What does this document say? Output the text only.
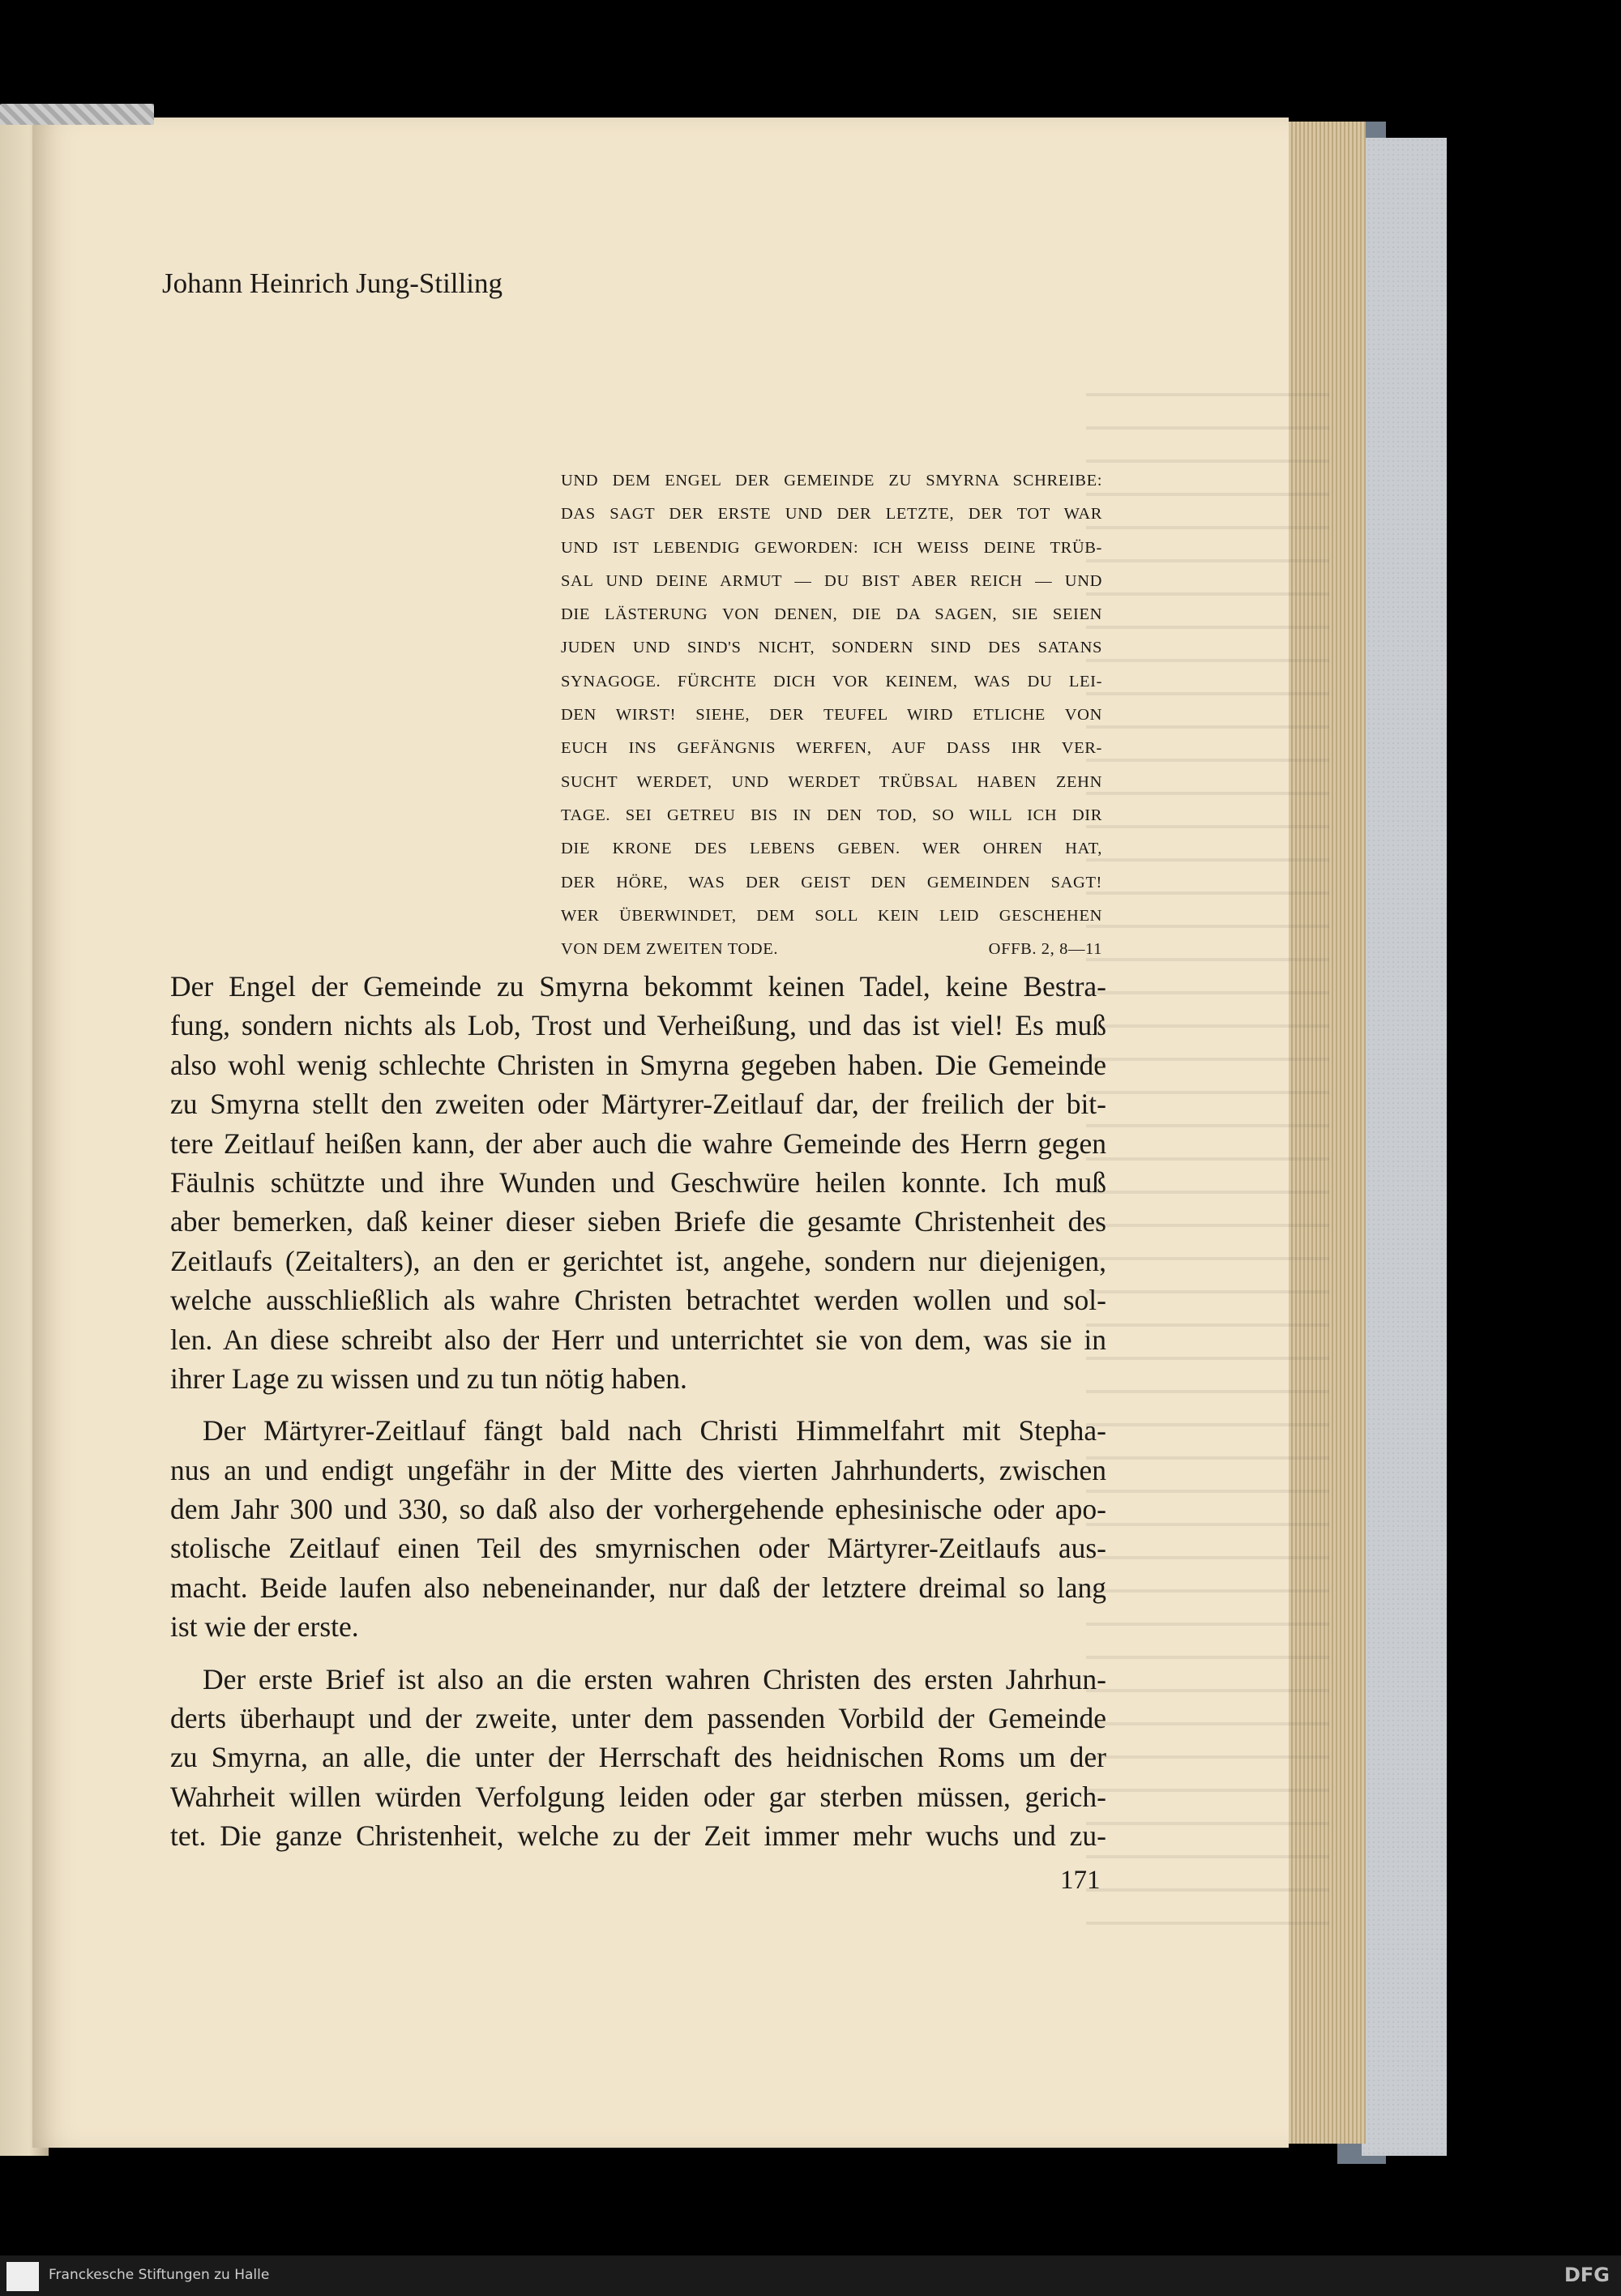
Johann Heinrich Jung-Stilling
UND DEM ENGEL DER GEMEINDE ZU SMYRNA SCHREIBE:
DAS SAGT DER ERSTE UND DER LETZTE, DER TOT WAR
UND IST LEBENDIG GEWORDEN: ICH WEISS DEINE TRÜB-
SAL UND DEINE ARMUT — DU BIST ABER REICH — UND
DIE LÄSTERUNG VON DENEN, DIE DA SAGEN, SIE SEIEN
JUDEN UND SIND'S NICHT, SONDERN SIND DES SATANS
SYNAGOGE. FÜRCHTE DICH VOR KEINEM, WAS DU LEI-
DEN WIRST! SIEHE, DER TEUFEL WIRD ETLICHE VON
EUCH INS GEFÄNGNIS WERFEN, AUF DASS IHR VER-
SUCHT WERDET, UND WERDET TRÜBSAL HABEN ZEHN
TAGE. SEI GETREU BIS IN DEN TOD, SO WILL ICH DIR
DIE KRONE DES LEBENS GEBEN. WER OHREN HAT,
DER HÖRE, WAS DER GEIST DEN GEMEINDEN SAGT!
WER ÜBERWINDET, DEM SOLL KEIN LEID GESCHEHEN
VON DEM ZWEITEN TODE.	OFFB. 2, 8—11
Der Engel der Gemeinde zu Smyrna bekommt keinen Tadel, keine Bestra-
fung, sondern nichts als Lob, Trost und Verheißung, und das ist viel! Es muß
also wohl wenig schlechte Christen in Smyrna gegeben haben. Die Gemeinde
zu Smyrna stellt den zweiten oder Märtyrer-Zeitlauf dar, der freilich der bit-
tere Zeitlauf heißen kann, der aber auch die wahre Gemeinde des Herrn gegen
Fäulnis schützte und ihre Wunden und Geschwüre heilen konnte. Ich muß
aber bemerken, daß keiner dieser sieben Briefe die gesamte Christenheit des
Zeitlaufs (Zeitalters), an den er gerichtet ist, angehe, sondern nur diejenigen,
welche ausschließlich als wahre Christen betrachtet werden wollen und sol-
len. An diese schreibt also der Herr und unterrichtet sie von dem, was sie in
ihrer Lage zu wissen und zu tun nötig haben.
Der Märtyrer-Zeitlauf fängt bald nach Christi Himmelfahrt mit Stepha-
nus an und endigt ungefähr in der Mitte des vierten Jahrhunderts, zwischen
dem Jahr 300 und 330, so daß also der vorhergehende ephesinische oder apo-
stolische Zeitlauf einen Teil des smyrnischen oder Märtyrer-Zeitlaufs aus-
macht. Beide laufen also nebeneinander, nur daß der letztere dreimal so lang
ist wie der erste.
Der erste Brief ist also an die ersten wahren Christen des ersten Jahrhun-
derts überhaupt und der zweite, unter dem passenden Vorbild der Gemeinde
zu Smyrna, an alle, die unter der Herrschaft des heidnischen Roms um der
Wahrheit willen würden Verfolgung leiden oder gar sterben müssen, gerich-
tet. Die ganze Christenheit, welche zu der Zeit immer mehr wuchs und zu-
171
Franckesche Stiftungen zu Halle	DFG
